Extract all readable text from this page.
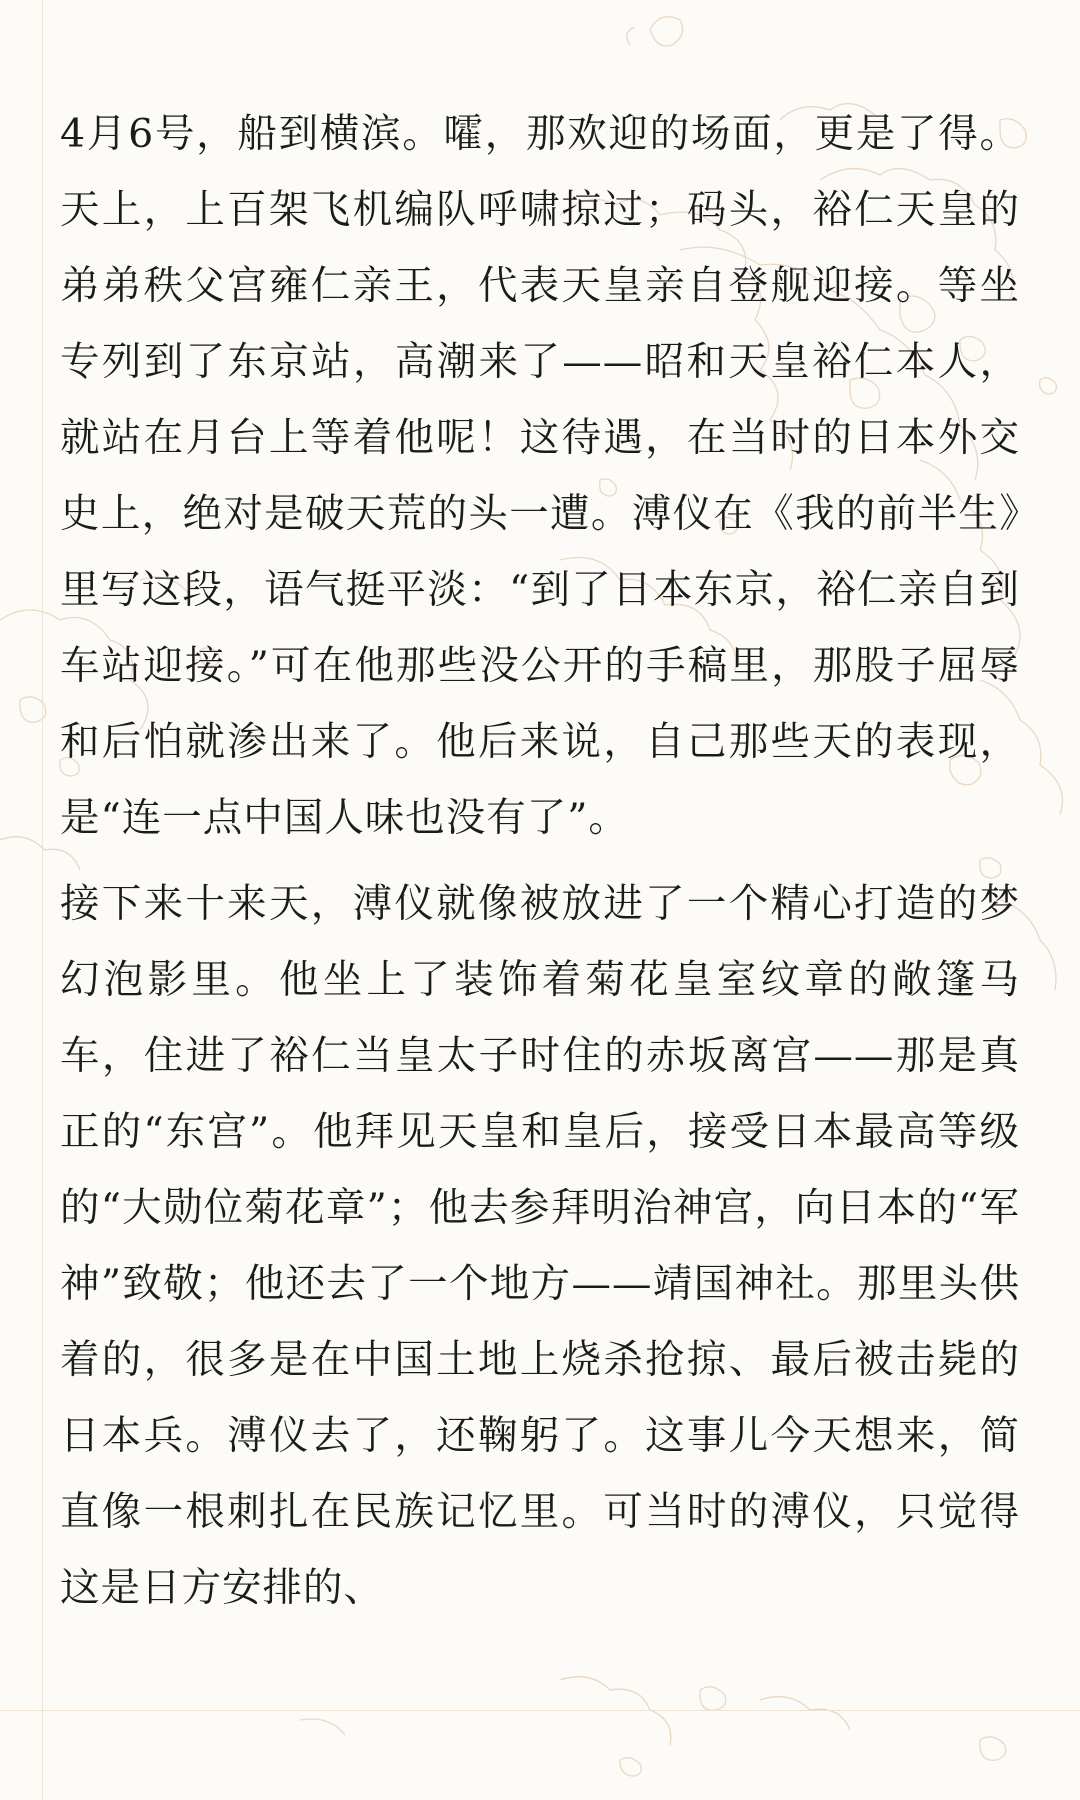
4月6号，船到横滨。嚯，那欢迎的场面，更是了得。天上，上百架飞机编队呼啸掠过；码头，裕仁天皇的弟弟秩父宫雍仁亲王，代表天皇亲自登舰迎接。等坐专列到了东京站，高潮来了——昭和天皇裕仁本人，就站在月台上等着他呢！这待遇，在当时的日本外交史上，绝对是破天荒的头一遭。溥仪在《我的前半生》里写这段，语气挺平淡：“到了日本东京，裕仁亲自到车站迎接。”可在他那些没公开的手稿里，那股子屈辱和后怕就渗出来了。他后来说，自己那些天的表现，是“连一点中国人味也没有了”。

接下来十来天，溥仪就像被放进了一个精心打造的梦幻泡影里。他坐上了装饰着菊花皇室纹章的敞篷马车，住进了裕仁当皇太子时住的赤坂离宫——那是真正的“东宫”。他拜见天皇和皇后，接受日本最高等级的“大勋位菊花章”；他去参拜明治神宫，向日本的“军神”致敬；他还去了一个地方——靖国神社。那里头供着的，很多是在中国土地上烧杀抢掠、最后被击毙的日本兵。溥仪去了，还鞠躬了。这事儿今天想来，简直像一根刺扎在民族记忆里。可当时的溥仪，只觉得这是日方安排的、
